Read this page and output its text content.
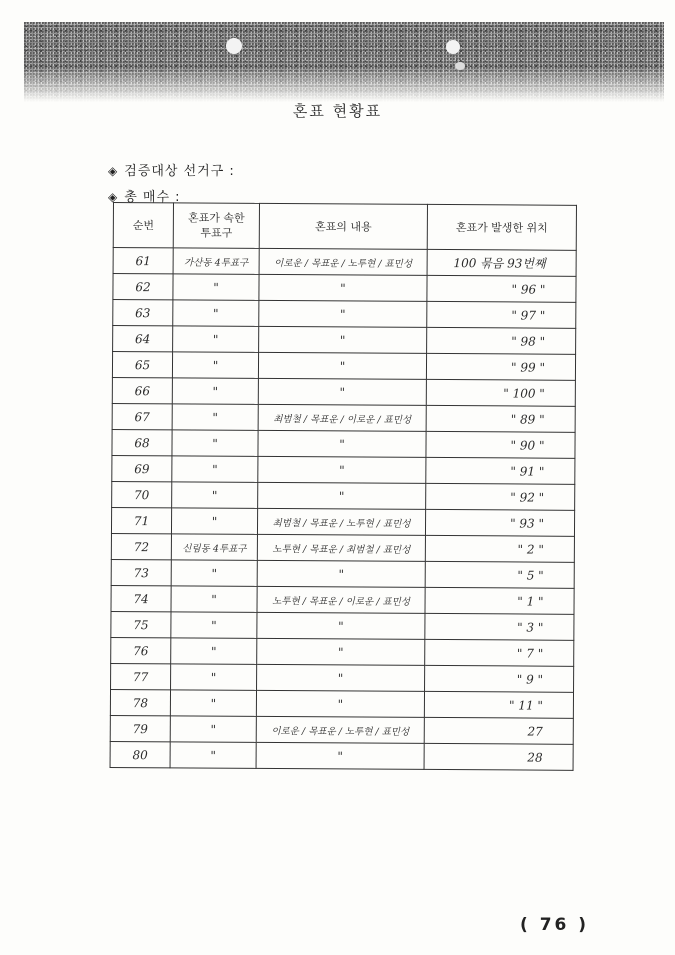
혼표 현황표
◈ 검증대상 선거구 :
◈ 총 매수 :
순번	혼표가 속한 투표구	혼표의 내용	혼표가 발생한 위치
61	가산동 4투표구	이로운 / 목표운 / 노투현 / 표민성	100 묶음 93번째
62	"	"	" 96 "
63	"	"	" 97 "
64	"	"	" 98 "
65	"	"	" 99 "
66	"	"	" 100 "
67	"	최범철 / 목표운 / 이로운 / 표민성	" 89 "
68	"	"	" 90 "
69	"	"	" 91 "
70	"	"	" 92 "
71	"	최범철 / 목표운 / 노투현 / 표민성	" 93 "
72	신림동 4투표구	노투현 / 목표운 / 최범철 / 표민성	" 2 "
73	"	"	" 5 "
74	"	노투현 / 목표운 / 이로운 / 표민성	" 1 "
75	"	"	" 3 "
76	"	"	" 7 "
77	"	"	" 9 "
78	"	"	" 11 "
79	"	이로운 / 목표운 / 노투현 / 표민성	27
80	"	"	28
( 76 )
